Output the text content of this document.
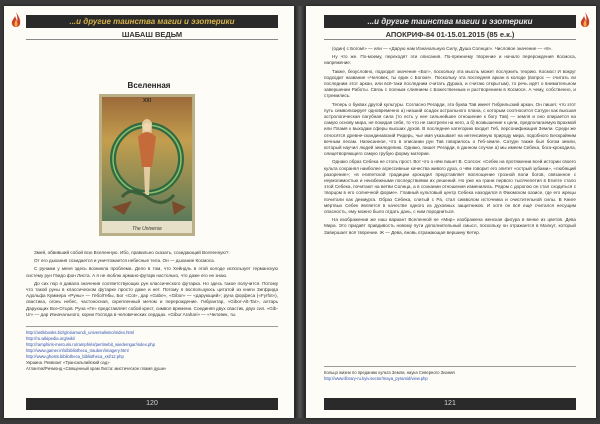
...и другие таинства магии и эзотерики
ШАБАШ ВЕДЬМ
Вселенная
XXI
The Universe

Змей, обвивший собой всю Вселенную. Ибо, правильно сказать, созидающий Вселенную?.

От его дыхания созидается и уничтожается небесные тела. Он — дыхание Космоса.

С рунами у меня здесь возникла проблема. Дело в том, что Хейндль в этой колоде использует германскую систему рун Гвидо фон Листа. А я не люблю армано-футарк настолько, что даже его не знаю.

До сих пор я давала значения соответствующих рун классического футарка. Но здесь такое получится. Потому что такой руны в классическом футарке просто даже и нет. Потому я воспользуюсь цитатой из книги Зигфрида Адольфа Куммера «Руны» — Гебо/Гебы, Бог «Cot», дар «Gabe», «Gibor» — «дарующий»; руна форфеса («Fyrfot»), свастика, огонь небес, частоносная, скрепленный мечом и перерождение. Гибрантар, «Gibor-Alt-Tar», алтарь Дарующих Все-Отцов. Руна «Ге» представляет собой крест, символ времени. Соединяя двух свастик, двух сил. «Gib-Ur» — дар Изначального, корни Господа в человеческих сердцах. «Gibur Arahari» — «Человек, ты

http://antikbooks.biz/gloriamundi_universalismo/index.html
http://ru.wikipedia.org/wiki/
http://ramphiris-mercuris.ru/ramphiris/pertinebit_wiedemgar/index.php
http://www.gamer.info/bibliotheca_trauben/imagery.html
http://www.ghosts.bibliotheca_bibliotheca_xsl/12.php
Украина. Реквизит «Трансальпийский сад»
Атлантик/Ричмонд «Священный храм Листа: мистическое пламя души»
120
...и другие таинства магии и эзотерики
АПОКРИФ-84 01-15.01.2015 (85 е.к.)

(один) с Богом!» — или — «Дарую нам Изначальную Силу, Душа Солнца!». Числовое значение — «8».

Ну что же. По-моему, переходят эти описания. По-прежнему творение и начало перерождения Космоса, напряжение.

Также, безусловно, подходит значение «Бог», поскольку эта мысль может послужить теорию. Космос! И вокруг подходит название «Человек, ты един с Богом!». Поскольку эта последняя аркан в колоде (вопрос — считать ли последним этот аркан, или всё-таки последним считать Дурака, и считаю открытым), то речь идёт о внимательном завершении Работы. Связь с полным слиянием с Божественным и растворением в Космосе. А чему, собственно, и стремились.

Теперь о буквах другой культуры. Согласно Регарди, эта буква Тав имеет Гибрильский аркан. Он пишет, что этот путь символизирует одновременно а) низший осадок астрального плана, с которым соотносится Сатурн как высшая астрологическая пагубная сила (то есть у нее сильнейшее отношение к богу Тав) — земля и оно опирается на самую основу мира, не покидая себя, то что не смотрели на него, а б) возвышение к цели, предполагаемую Брахмой или Пламя к выходам сферы высших духов. В последнее категорию входит Геб, персонификация Земли. Среди же относятся древне-скандинавский Ридерь, чье имя указывает на интенсивную природу мира, подобного Бескрайним вечным лесам. Написанное, что в описании рун Тав говорилось о Геб-земле. Сатурн также был богом земли, который научил людей земледелию. Однако, пишет Регарди, в данном случае а) мы имеем Себека, бога-крокодила, олицетворяющего самую грубую форму материи.

Однако образ Себека не столь прост. Вот что о нём пишет В. Солсон: «Себек на протяжении всей истории своего культа сохранял наиболее агрессивные качества живого духа, о чём говорит его эпитет «острый зубами», «любящий разорение»; «в египетской традиции крокодил представляет воплощение грозной воли богов, связанное с неумолимостью и неизбежными последствиями их решений. Но уже на грани первого тысячелетия в Египте стало этой Себека, почитают на ветви Солнца, а в сознании отношения изменились. Рядом с дорогою он стал сходиться с творцом в его солнечной форме». Главный культовый центр Себека находился в Фаюмском оазисе, где его жрецы почитали как демиурга. Образ Себека, слитый с Ра, стал символом источника и очистительной силы. В Книге мёртвых Себек является в качестве одного из духовных защитников. И хотя он всё ещё считался несущим опасность, ему можно было отдать дань, с ним породниться.

На изображении же наш вариант Вселенной не «Мир» изображена женская фигура в венке из цветов. Дева Мира. Это придаёт правдивость новому пути дополнительный смысл, поскольку он отражается в Малкут, который Завершает всё творение. Ж — Дева, вновь отражающая вершину Кетер.

Кольцо жизни по преданию культа Земли, наука Северного Знания
http://www.library-ru.kyiv.sector/maya_pyramid/view.php
121
